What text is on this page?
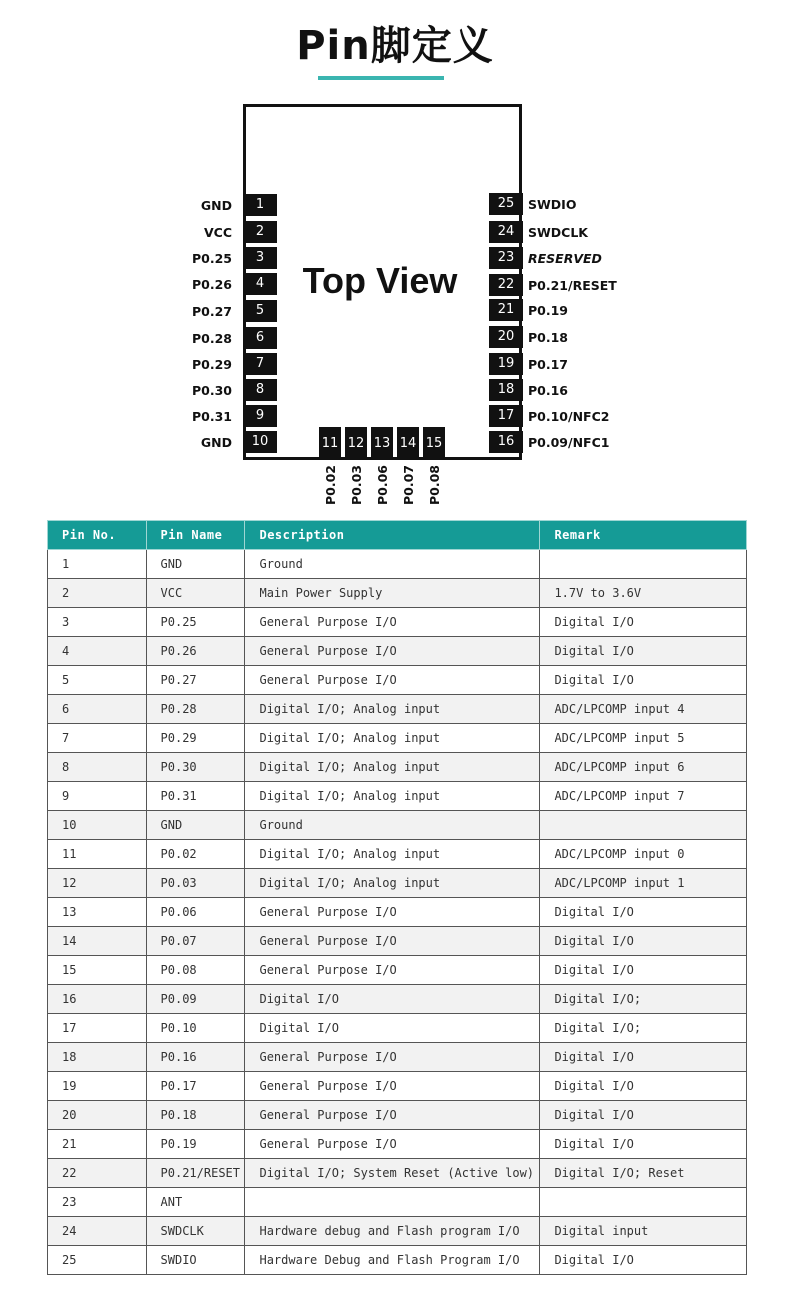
Pin脚定义
Top View
1
GND
2
VCC
3
P0.25
4
P0.26
5
P0.27
6
P0.28
7
P0.29
8
P0.30
9
P0.31
10
GND
25	SWDIO
24	SWDCLK
23	RESERVED
22	P0.21/RESET
21	P0.19
20	P0.18
19	P0.17
18	P0.16
17	P0.10/NFC2
16	P0.09/NFC1
11
P0.02
12
P0.03
13
P0.06
14
P0.07
15
P0.08
Pin No.	Pin Name	Description	Remark
1	GND	Ground	
2	VCC	Main Power Supply	1.7V to 3.6V
3	P0.25	General Purpose I/O	Digital I/O
4	P0.26	General Purpose I/O	Digital I/O
5	P0.27	General Purpose I/O	Digital I/O
6	P0.28	Digital I/O; Analog input	ADC/LPCOMP input 4
7	P0.29	Digital I/O; Analog input	ADC/LPCOMP input 5
8	P0.30	Digital I/O; Analog input	ADC/LPCOMP input 6
9	P0.31	Digital I/O; Analog input	ADC/LPCOMP input 7
10	GND	Ground	
11	P0.02	Digital I/O; Analog input	ADC/LPCOMP input 0
12	P0.03	Digital I/O; Analog input	ADC/LPCOMP input 1
13	P0.06	General Purpose I/O	Digital I/O
14	P0.07	General Purpose I/O	Digital I/O
15	P0.08	General Purpose I/O	Digital I/O
16	P0.09	Digital I/O	Digital I/O;
17	P0.10	Digital I/O	Digital I/O;
18	P0.16	General Purpose I/O	Digital I/O
19	P0.17	General Purpose I/O	Digital I/O
20	P0.18	General Purpose I/O	Digital I/O
21	P0.19	General Purpose I/O	Digital I/O
22	P0.21/RESET	Digital I/O; System Reset (Active low)	Digital I/O; Reset
23	ANT		
24	SWDCLK	Hardware debug and Flash program I/O	Digital input
25	SWDIO	Hardware Debug and Flash Program I/O	Digital I/O
